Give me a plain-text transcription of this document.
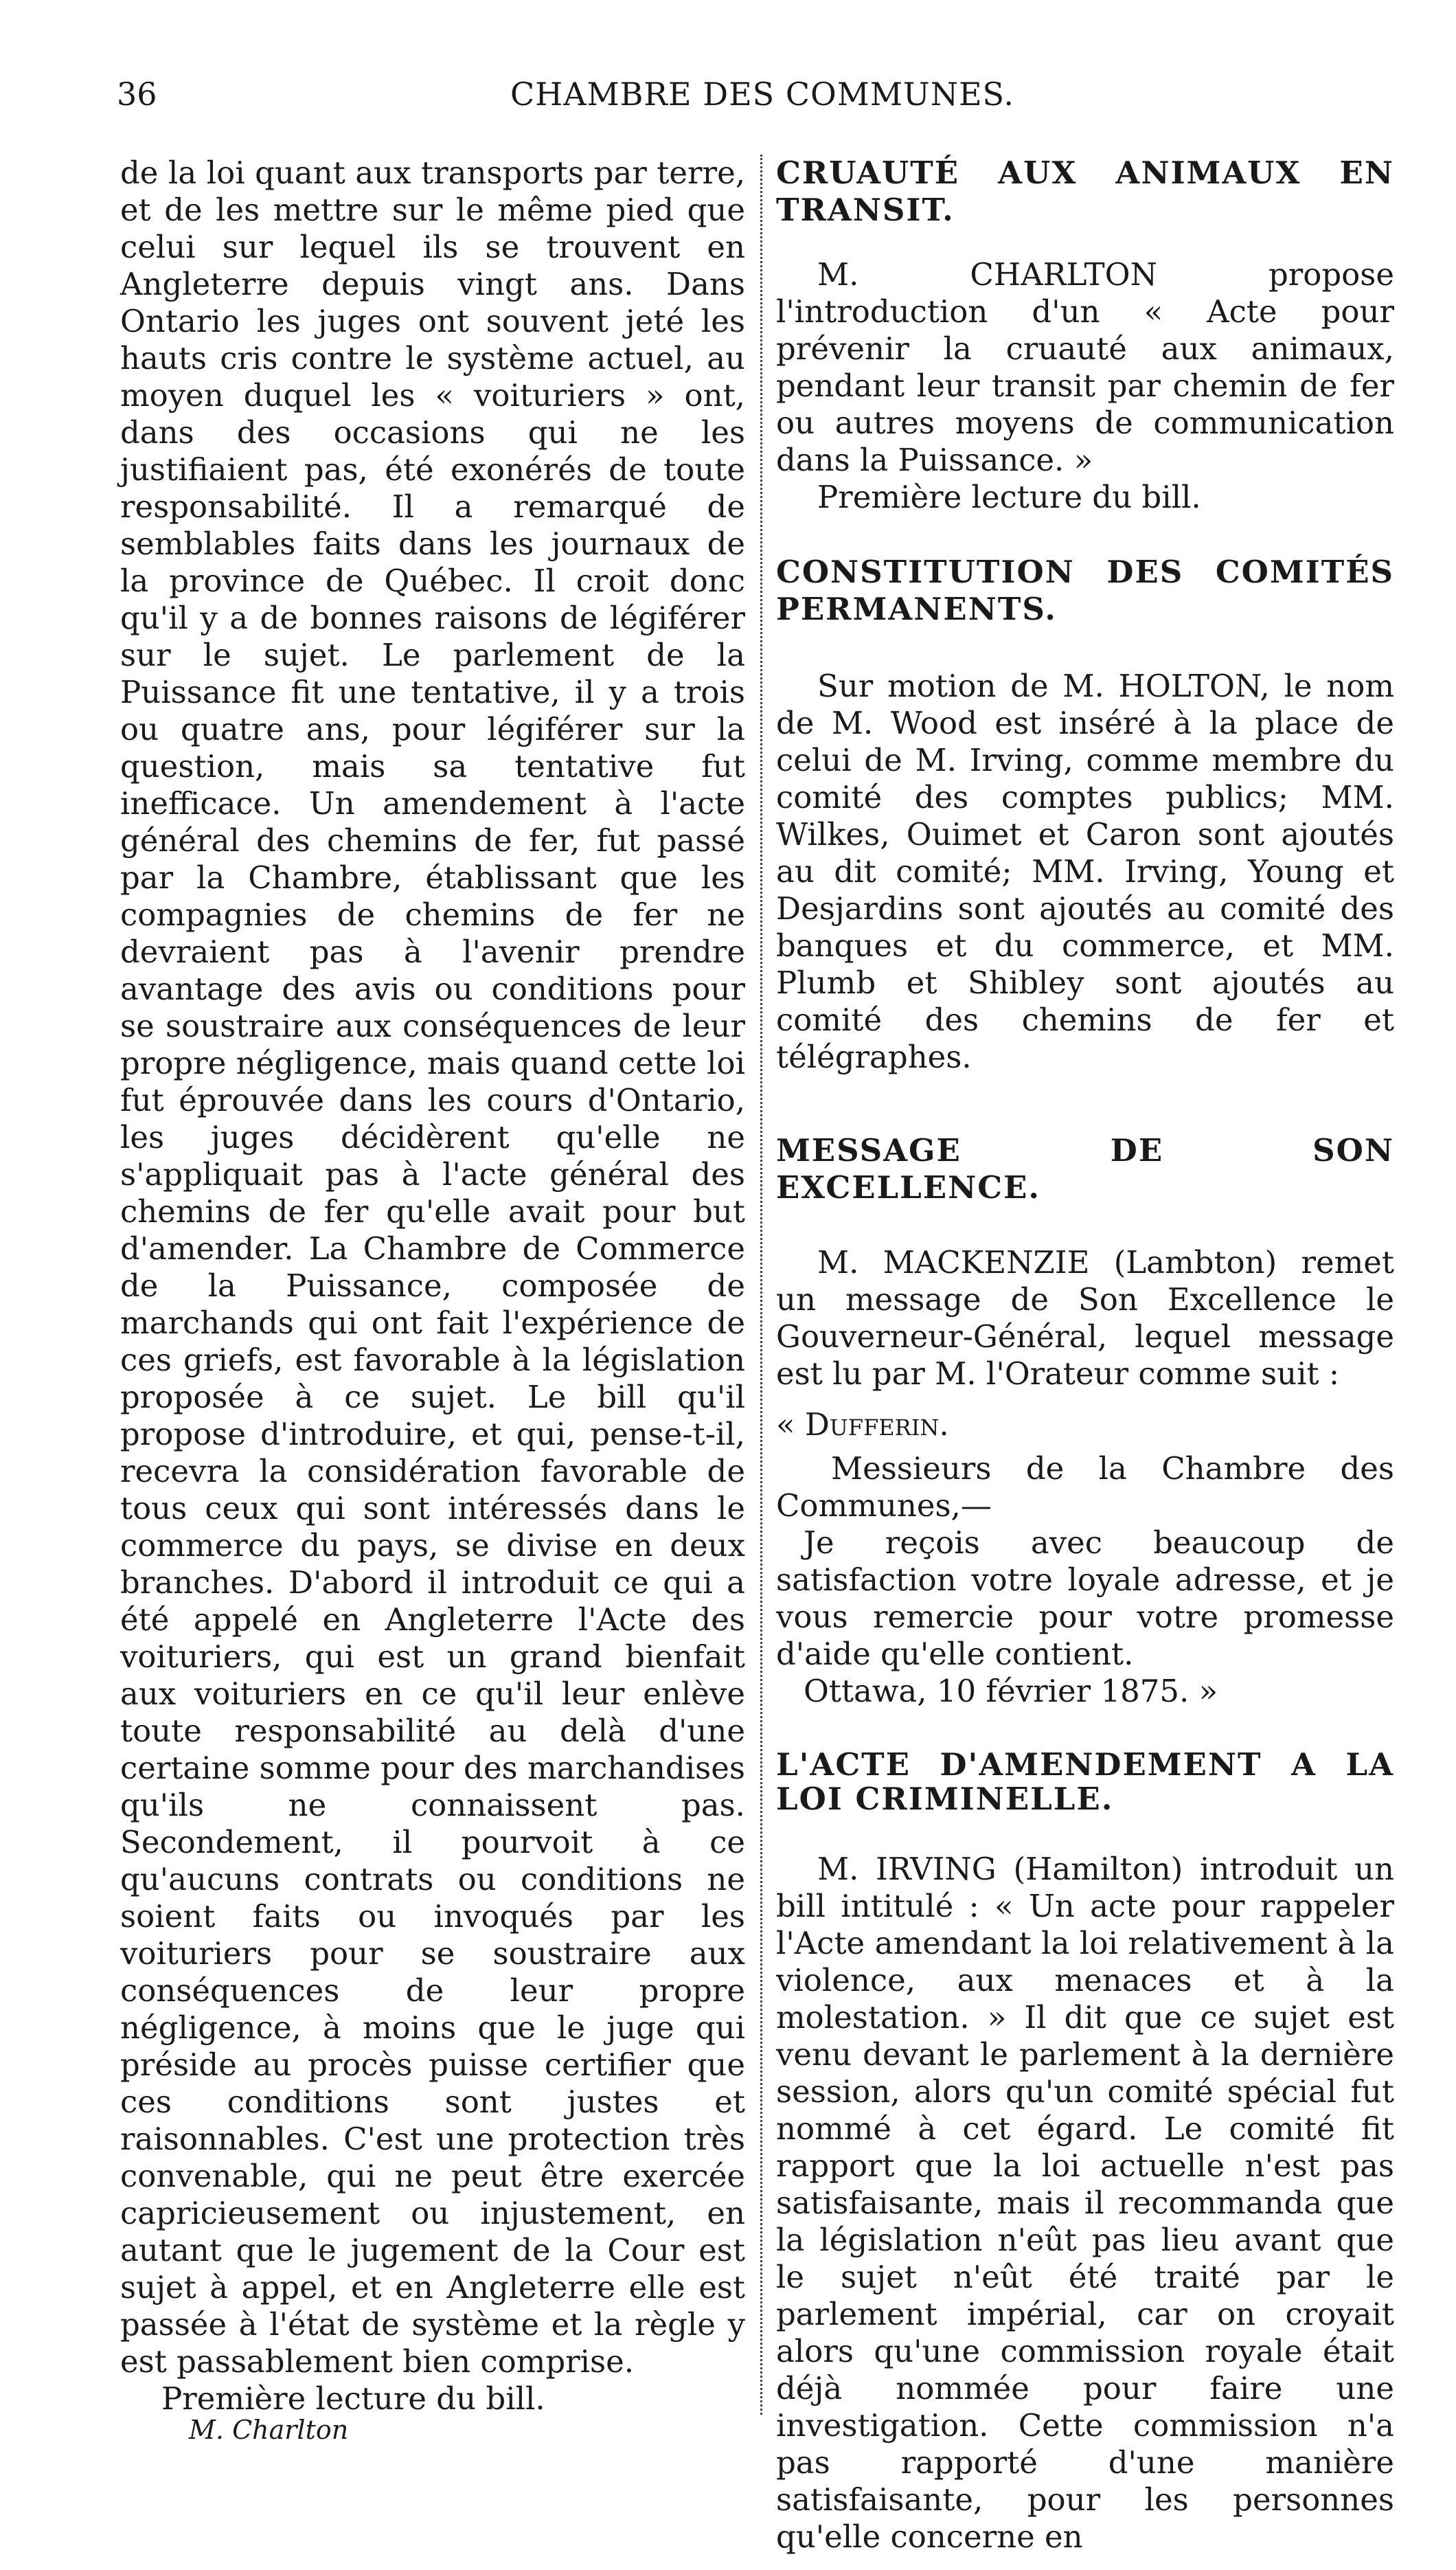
36	CHAMBRE DES COMMUNES.

de la loi quant aux transports par terre, et de les mettre sur le même pied que celui sur lequel ils se trouvent en Angleterre depuis vingt ans. Dans Ontario les juges ont souvent jeté les hauts cris contre le système actuel, au moyen duquel les « voituriers » ont, dans des occasions qui ne les justifiaient pas, été exonérés de toute responsabilité. Il a remarqué de semblables faits dans les journaux de la province de Québec. Il croit donc qu'il y a de bonnes raisons de légiférer sur le sujet. Le parlement de la Puissance fit une tentative, il y a trois ou quatre ans, pour légiférer sur la question, mais sa tentative fut inefficace. Un amendement à l'acte général des chemins de fer, fut passé par la Chambre, établissant que les compagnies de chemins de fer ne devraient pas à l'avenir prendre avantage des avis ou conditions pour se soustraire aux conséquences de leur propre négligence, mais quand cette loi fut éprouvée dans les cours d'Ontario, les juges décidèrent qu'elle ne s'appliquait pas à l'acte général des chemins de fer qu'elle avait pour but d'amender. La Chambre de Commerce de la Puissance, composée de marchands qui ont fait l'expérience de ces griefs, est favorable à la législation proposée à ce sujet. Le bill qu'il propose d'introduire, et qui, pense-t-il, recevra la considération favorable de tous ceux qui sont intéressés dans le commerce du pays, se divise en deux branches. D'abord il introduit ce qui a été appelé en Angleterre l'Acte des voituriers, qui est un grand bienfait aux voituriers en ce qu'il leur enlève toute responsabilité au delà d'une certaine somme pour des marchandises qu'ils ne connaissent pas. Secondement, il pourvoit à ce qu'aucuns contrats ou conditions ne soient faits ou invoqués par les voituriers pour se soustraire aux conséquences de leur propre négligence, à moins que le juge qui préside au procès puisse certifier que ces conditions sont justes et raisonnables. C'est une protection très convenable, qui ne peut être exercée capricieusement ou injustement, en autant que le jugement de la Cour est sujet à appel, et en Angleterre elle est passée à l'état de système et la règle y est passablement bien comprise.

Première lecture du bill.

M. Charlton

CRUAUTÉ AUX ANIMAUX EN TRANSIT.

M. CHARLTON propose l'introduction d'un « Acte pour prévenir la cruauté aux animaux, pendant leur transit par chemin de fer ou autres moyens de communication dans la Puissance. »

Première lecture du bill.

CONSTITUTION DES COMITÉS PERMANENTS.

Sur motion de M. HOLTON, le nom de M. Wood est inséré à la place de celui de M. Irving, comme membre du comité des comptes publics; MM. Wilkes, Ouimet et Caron sont ajoutés au dit comité; MM. Irving, Young et Desjardins sont ajoutés au comité des banques et du commerce, et MM. Plumb et Shibley sont ajoutés au comité des chemins de fer et télégraphes.

MESSAGE DE SON EXCELLENCE.

M. MACKENZIE (Lambton) remet un message de Son Excellence le Gouverneur-Général, lequel message est lu par M. l'Orateur comme suit :

« Dufferin.

Messieurs de la Chambre des Communes,—

Je reçois avec beaucoup de satisfaction votre loyale adresse, et je vous remercie pour votre promesse d'aide qu'elle contient.

Ottawa, 10 février 1875. »

L'ACTE D'AMENDEMENT A LA LOI CRIMINELLE.

M. IRVING (Hamilton) introduit un bill intitulé : « Un acte pour rappeler l'Acte amendant la loi relativement à la violence, aux menaces et à la molestation. » Il dit que ce sujet est venu devant le parlement à la dernière session, alors qu'un comité spécial fut nommé à cet égard. Le comité fit rapport que la loi actuelle n'est pas satisfaisante, mais il recommanda que la législation n'eût pas lieu avant que le sujet n'eût été traité par le parlement impérial, car on croyait alors qu'une commission royale était déjà nommée pour faire une investigation. Cette commission n'a pas rapporté d'une manière satisfaisante, pour les personnes qu'elle concerne en
